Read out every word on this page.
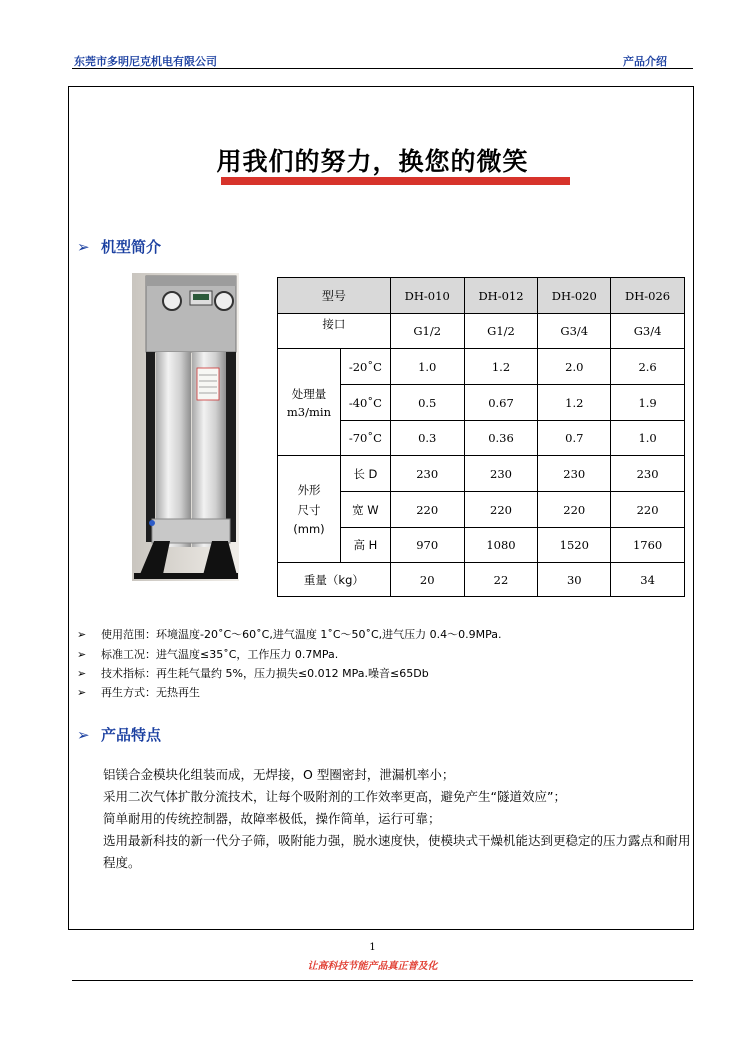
东莞市多明尼克机电有限公司	产品介绍
用我们的努力，换您的微笑
➢ 机型简介
型号		DH-010	DH-012	DH-020	DH-026
接口		G1/2	G1/2	G3/4	G3/4

处理量
m3/min	-20˚C	1.0	1.2	2.0	2.6
	-40˚C	0.5	0.67	1.2	1.9
	-70˚C	0.3	0.36	0.7	1.0

外形
尺寸
(mm)	长 D	230	230	230	230
	宽 W	220	220	220	220
	高 H	970	1080	1520	1760
重量（kg）		20	22	30	34
➢ 使用范围：环境温度-20˚C～60˚C,进气温度 1˚C～50˚C,进气压力 0.4～0.9MPa.
➢ 标准工况：进气温度≤35˚C，工作压力 0.7MPa.
➢ 技术指标：再生耗气量约 5%，压力损失≤0.012 MPa.噪音≤65Db
➢ 再生方式：无热再生
➢ 产品特点
铝镁合金模块化组装而成，无焊接，O 型圈密封，泄漏机率小；
采用二次气体扩散分流技术，让每个吸附剂的工作效率更高，避免产生“隧道效应”；
简单耐用的传统控制器，故障率极低，操作简单，运行可靠；
选用最新科技的新一代分子筛，吸附能力强，脱水速度快，使模块式干燥机能达到更稳定的压力露点和耐用程度。
1
让高科技节能产品真正普及化
